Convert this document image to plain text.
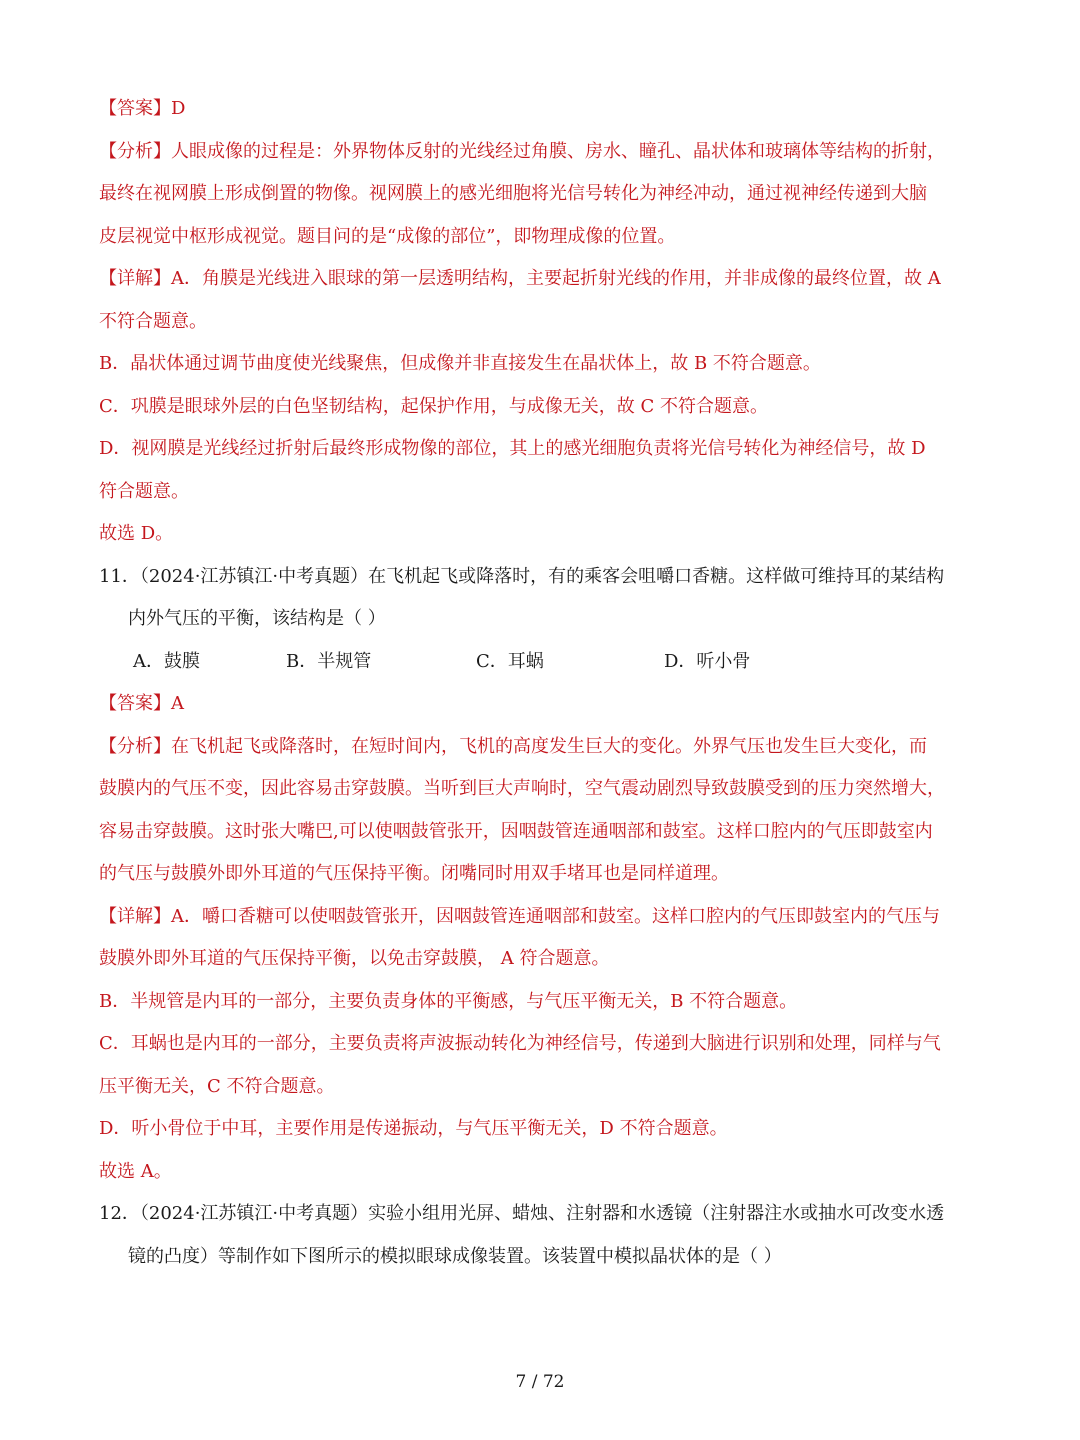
【答案】D
【分析】人眼成像的过程是：外界物体反射的光线经过角膜、房水、瞳孔、晶状体和玻璃体等结构的折射，
最终在视网膜上形成倒置的物像。视网膜上的感光细胞将光信号转化为神经冲动，通过视神经传递到大脑
皮层视觉中枢形成视觉。题目问的是“成像的部位”，即物理成像的位置。
【详解】A．角膜是光线进入眼球的第一层透明结构，主要起折射光线的作用，并非成像的最终位置，故 A
不符合题意。
B．晶状体通过调节曲度使光线聚焦，但成像并非直接发生在晶状体上，故 B 不符合题意。
C．巩膜是眼球外层的白色坚韧结构，起保护作用，与成像无关，故 C 不符合题意。
D．视网膜是光线经过折射后最终形成物像的部位，其上的感光细胞负责将光信号转化为神经信号，故 D
符合题意。
故选 D。
11．（2024·江苏镇江·中考真题）在飞机起飞或降落时，有的乘客会咀嚼口香糖。这样做可维持耳的某结构
内外气压的平衡，该结构是（ ）
A．鼓膜	B．半规管	C．耳蜗	D．听小骨
【答案】A
【分析】在飞机起飞或降落时，在短时间内，飞机的高度发生巨大的变化。外界气压也发生巨大变化，而
鼓膜内的气压不变，因此容易击穿鼓膜。当听到巨大声响时，空气震动剧烈导致鼓膜受到的压力突然增大，
容易击穿鼓膜。这时张大嘴巴,可以使咽鼓管张开，因咽鼓管连通咽部和鼓室。这样口腔内的气压即鼓室内
的气压与鼓膜外即外耳道的气压保持平衡。闭嘴同时用双手堵耳也是同样道理。
【详解】A．嚼口香糖可以使咽鼓管张开，因咽鼓管连通咽部和鼓室。这样口腔内的气压即鼓室内的气压与
鼓膜外即外耳道的气压保持平衡，以免击穿鼓膜， A 符合题意。
B．半规管是内耳的一部分，主要负责身体的平衡感，与气压平衡无关，B 不符合题意。
C．耳蜗也是内耳的一部分，主要负责将声波振动转化为神经信号，传递到大脑进行识别和处理，同样与气
压平衡无关，C 不符合题意。
D．听小骨位于中耳，主要作用是传递振动，与气压平衡无关，D 不符合题意。
故选 A。
12．（2024·江苏镇江·中考真题）实验小组用光屏、蜡烛、注射器和水透镜（注射器注水或抽水可改变水透
镜的凸度）等制作如下图所示的模拟眼球成像装置。该装置中模拟晶状体的是（ ）
7 / 72
